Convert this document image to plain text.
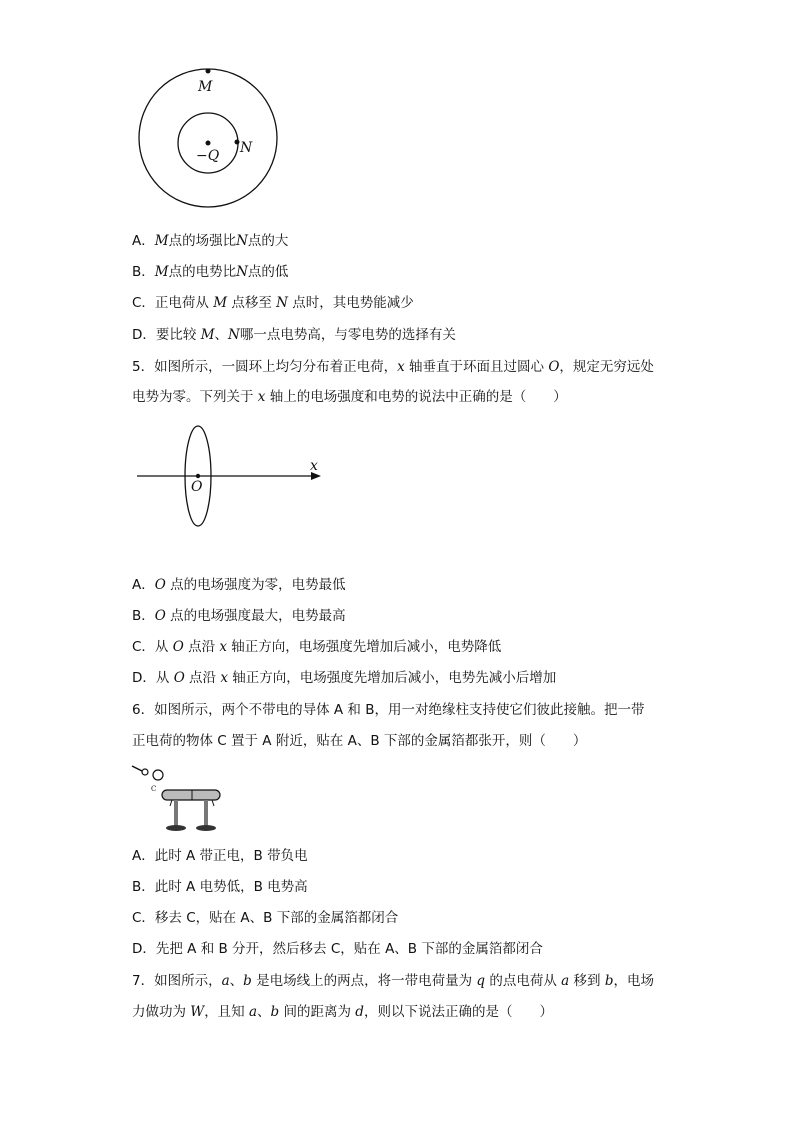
M
N
−Q
A．M点的场强比N点的大
B．M点的电势比N点的低
C．正电荷从 M 点移至 N 点时，其电势能减少
D．要比较 M、N哪一点电势高，与零电势的选择有关
5．如图所示，一圆环上均匀分布着正电荷，x 轴垂直于环面且过圆心 O，规定无穷远处
电势为零。下列关于 x 轴上的电场强度和电势的说法中正确的是（　　）
x
O
A．O 点的电场强度为零，电势最低
B．O 点的电场强度最大，电势最高
C．从 O 点沿 x 轴正方向，电场强度先增加后减小，电势降低
D．从 O 点沿 x 轴正方向，电场强度先增加后减小，电势先减小后增加
6．如图所示，两个不带电的导体 A 和 B，用一对绝缘柱支持使它们彼此接触。把一带
正电荷的物体 C 置于 A 附近，贴在 A、B 下部的金属箔都张开，则（　　）
C
A．此时 A 带正电，B 带负电
B．此时 A 电势低，B 电势高
C．移去 C，贴在 A、B 下部的金属箔都闭合
D．先把 A 和 B 分开，然后移去 C，贴在 A、B 下部的金属箔都闭合
7．如图所示，a、b 是电场线上的两点，将一带电荷量为 q 的点电荷从 a 移到 b，电场
力做功为 W，且知 a、b 间的距离为 d，则以下说法正确的是（　　）
